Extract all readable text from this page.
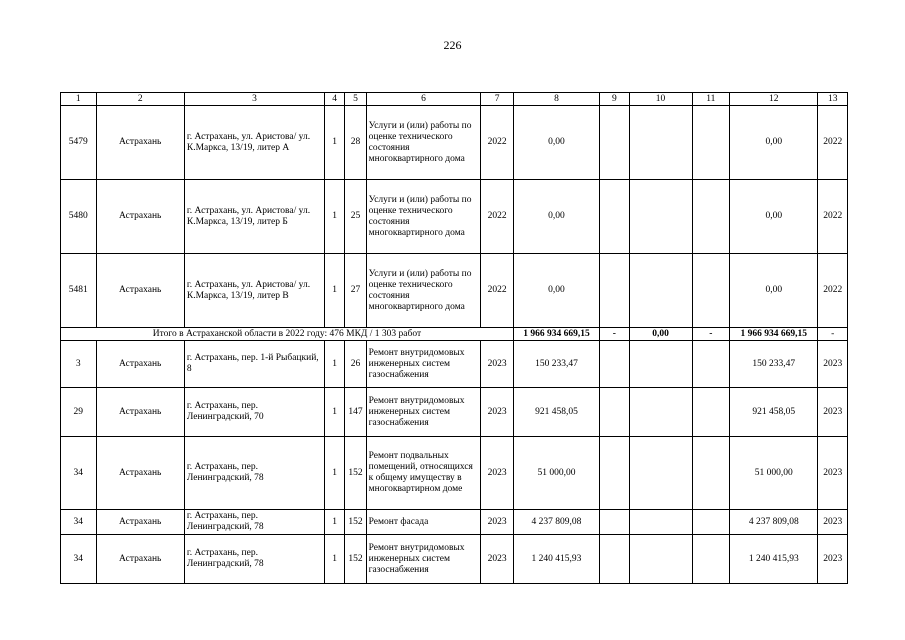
226
1	2	3	4	5	6	7	8	9	10	11	12	13
5479	Астрахань	г. Астрахань, ул. Аристова/ ул. К.Маркса, 13/19, литер А	1	28	Услуги и (или) работы по оценке технического состояния многоквартирного дома	2022	0,00				0,00	2022
5480	Астрахань	г. Астрахань, ул. Аристова/ ул. К.Маркса, 13/19, литер Б	1	25	Услуги и (или) работы по оценке технического состояния многоквартирного дома	2022	0,00				0,00	2022
5481	Астрахань	г. Астрахань, ул. Аристова/ ул. К.Маркса, 13/19, литер В	1	27	Услуги и (или) работы по оценке технического состояния многоквартирного дома	2022	0,00				0,00	2022
Итого в Астраханской области в 2022 году: 476 МКД / 1 303 работ							1 966 934 669,15	-	0,00	-	1 966 934 669,15	-
3	Астрахань	г. Астрахань, пер. 1-й Рыбацкий, 8	1	26	Ремонт внутридомовых инженерных систем газоснабжения	2023	150 233,47				150 233,47	2023
29	Астрахань	г. Астрахань, пер. Ленинградский, 70	1	147	Ремонт внутридомовых инженерных систем газоснабжения	2023	921 458,05				921 458,05	2023
34	Астрахань	г. Астрахань, пер. Ленинградский, 78	1	152	Ремонт подвальных помещений, относящихся к общему имуществу в многоквартирном доме	2023	51 000,00				51 000,00	2023
34	Астрахань	г. Астрахань, пер. Ленинградский, 78	1	152	Ремонт фасада	2023	4 237 809,08				4 237 809,08	2023
34	Астрахань	г. Астрахань, пер. Ленинградский, 78	1	152	Ремонт внутридомовых инженерных систем газоснабжения	2023	1 240 415,93				1 240 415,93	2023
